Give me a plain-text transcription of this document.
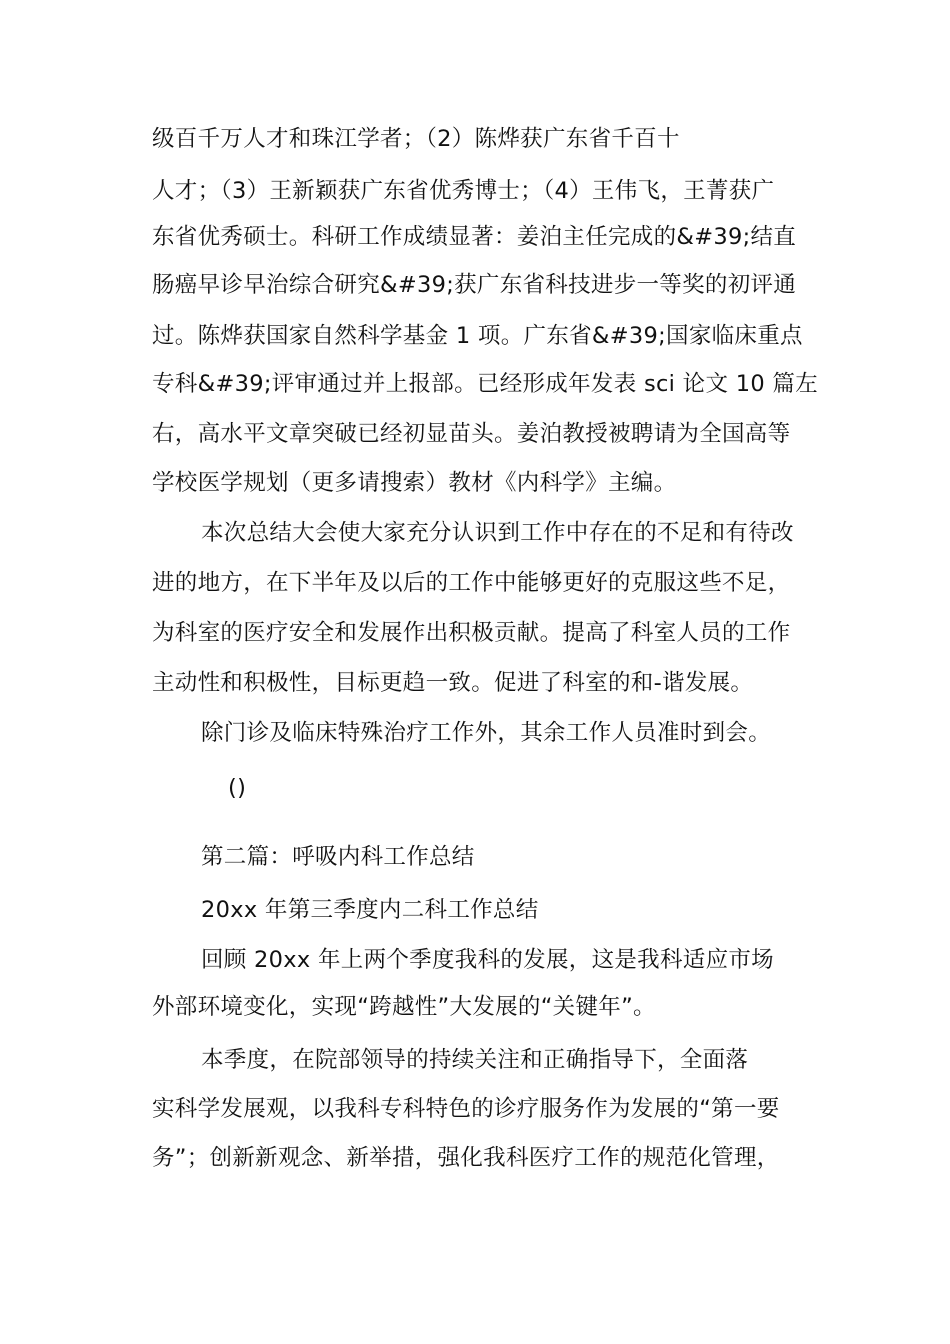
级百千万人才和珠江学者；（2）陈烨获广东省千百十

人才；（3）王新颖获广东省优秀博士；（4）王伟飞，王菁获广

东省优秀硕士。科研工作成绩显著：姜泊主任完成的&#39;结直

肠癌早诊早治综合研究&#39;获广东省科技进步一等奖的初评通

过。陈烨获国家自然科学基金 1 项。广东省&#39;国家临床重点

专科&#39;评审通过并上报部。已经形成年发表 sci 论文 10 篇左

右，高水平文章突破已经初显苗头。姜泊教授被聘请为全国高等

学校医学规划（更多请搜索）教材《内科学》主编。

本次总结大会使大家充分认识到工作中存在的不足和有待改

进的地方，在下半年及以后的工作中能够更好的克服这些不足，

为科室的医疗安全和发展作出积极贡献。提高了科室人员的工作

主动性和积极性，目标更趋一致。促进了科室的和-谐发展。

除门诊及临床特殊治疗工作外，其余工作人员准时到会。

()

第二篇：呼吸内科工作总结

20xx 年第三季度内二科工作总结

回顾 20xx 年上两个季度我科的发展，这是我科适应市场

外部环境变化，实现“跨越性”大发展的“关键年”。

本季度，在院部领导的持续关注和正确指导下，全面落

实科学发展观，以我科专科特色的诊疗服务作为发展的“第一要

务”；创新新观念、新举措，强化我科医疗工作的规范化管理，
